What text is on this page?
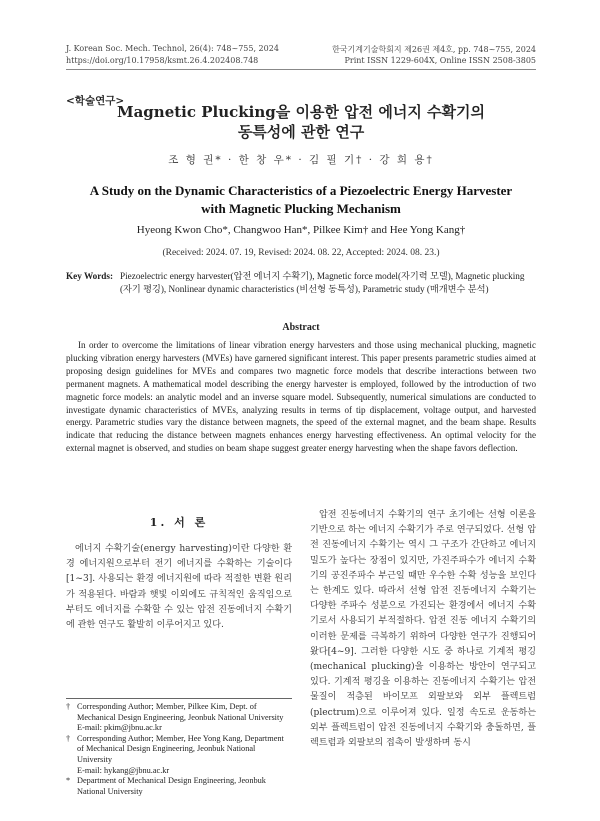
J. Korean Soc. Mech. Technol, 26(4): 748~755, 2024
https://doi.org/10.17958/ksmt.26.4.202408.748
한국기계기술학회지 제26권 제4호, pp. 748~755, 2024
Print ISSN 1229-604X, Online ISSN 2508-3805
<학술연구>
Magnetic Plucking을 이용한 압전 에너지 수확기의
동특성에 관한 연구
조 형 권* · 한 창 우* · 김 필 기† · 강 희 용†
A Study on the Dynamic Characteristics of a Piezoelectric Energy Harvester
with Magnetic Plucking Mechanism
Hyeong Kwon Cho*, Changwoo Han*, Pilkee Kim† and Hee Yong Kang†
(Received: 2024. 07. 19, Revised: 2024. 08. 22, Accepted: 2024. 08. 23.)
Key Words: Piezoelectric energy harvester(압전 에너지 수확기), Magnetic force model(자기력 모델), Magnetic plucking (자기 평깅), Nonlinear dynamic characteristics (비선형 동특성), Parametric study (매개변수 분석)
Abstract
In order to overcome the limitations of linear vibration energy harvesters and those using mechanical plucking, magnetic plucking vibration energy harvesters (MVEs) have garnered significant interest. This paper presents parametric studies aimed at proposing design guidelines for MVEs and compares two magnetic force models that describe interactions between two permanent magnets. A mathematical model describing the energy harvester is employed, followed by the introduction of two magnetic force models: an analytic model and an inverse square model. Subsequently, numerical simulations are conducted to investigate dynamic characteristics of MVEs, analyzing results in terms of tip displacement, voltage output, and harvested energy. Parametric studies vary the distance between magnets, the speed of the external magnet, and the beam shape. Results indicate that reducing the distance between magnets enhances energy harvesting effectiveness. An optimal velocity for the external magnet is observed, and studies on beam shape suggest greater energy harvesting when the shape favors deflection.
1. 서 론
에너지 수확기술(energy harvesting)이란 다양한 환경 에너지원으로부터 전기 에너지를 수확하는 기술이다[1~3]. 사용되는 환경 에너지원에 따라 적절한 변환 원리가 적용된다. 바람과 햇빛 이외에도 규칙적인 움직임으로부터도 에너지를 수확할 수 있는 압전 진동에너지 수확기에 관한 연구도 활발히 이루어지고 있다.
† Corresponding Author; Member, Pilkee Kim, Dept. of Mechanical Design Engineering, Jeonbuk National University
E-mail: pkim@jbnu.ac.kr
† Corresponding Author; Member, Hee Yong Kang, Department of Mechanical Design Engineering, Jeonbuk National University
E-mail: hykang@jbnu.ac.kr
* Department of Mechanical Design Engineering, Jeonbuk National University
압전 진동에너지 수확기의 연구 초기에는 선형 이론을 기반으로 하는 에너지 수확기가 주로 연구되었다. 선형 압전 진동에너지 수확기는 역시 그 구조가 간단하고 에너지밀도가 높다는 장점이 있지만, 가진주파수가 에너지 수확기의 공진주파수 부근일 때만 우수한 수확 성능을 보인다는 한계도 있다. 따라서 선형 압전 진동에너지 수확기는 다양한 주파수 성분으로 가진되는 환경에서 에너지 수확기로서 사용되기 부적절하다. 압전 진동 에너지 수확기의 이러한 문제를 극복하기 위하여 다양한 연구가 진행되어 왔다[4~9]. 그러한 다양한 시도 중 하나로 기계적 평깅(mechanical plucking)을 이용하는 방안이 연구되고 있다. 기계적 평깅을 이용하는 진동에너지 수확기는 압전물질이 적층된 바이모프 외팔보와 외부 플렉트럼(plectrum)으로 이루어져 있다. 일정 속도로 운동하는 외부 플렉트럼이 압전 진동에너지 수확기와 충돌하면, 플렉트럼과 외팔보의 접촉이 발생하며 동시
